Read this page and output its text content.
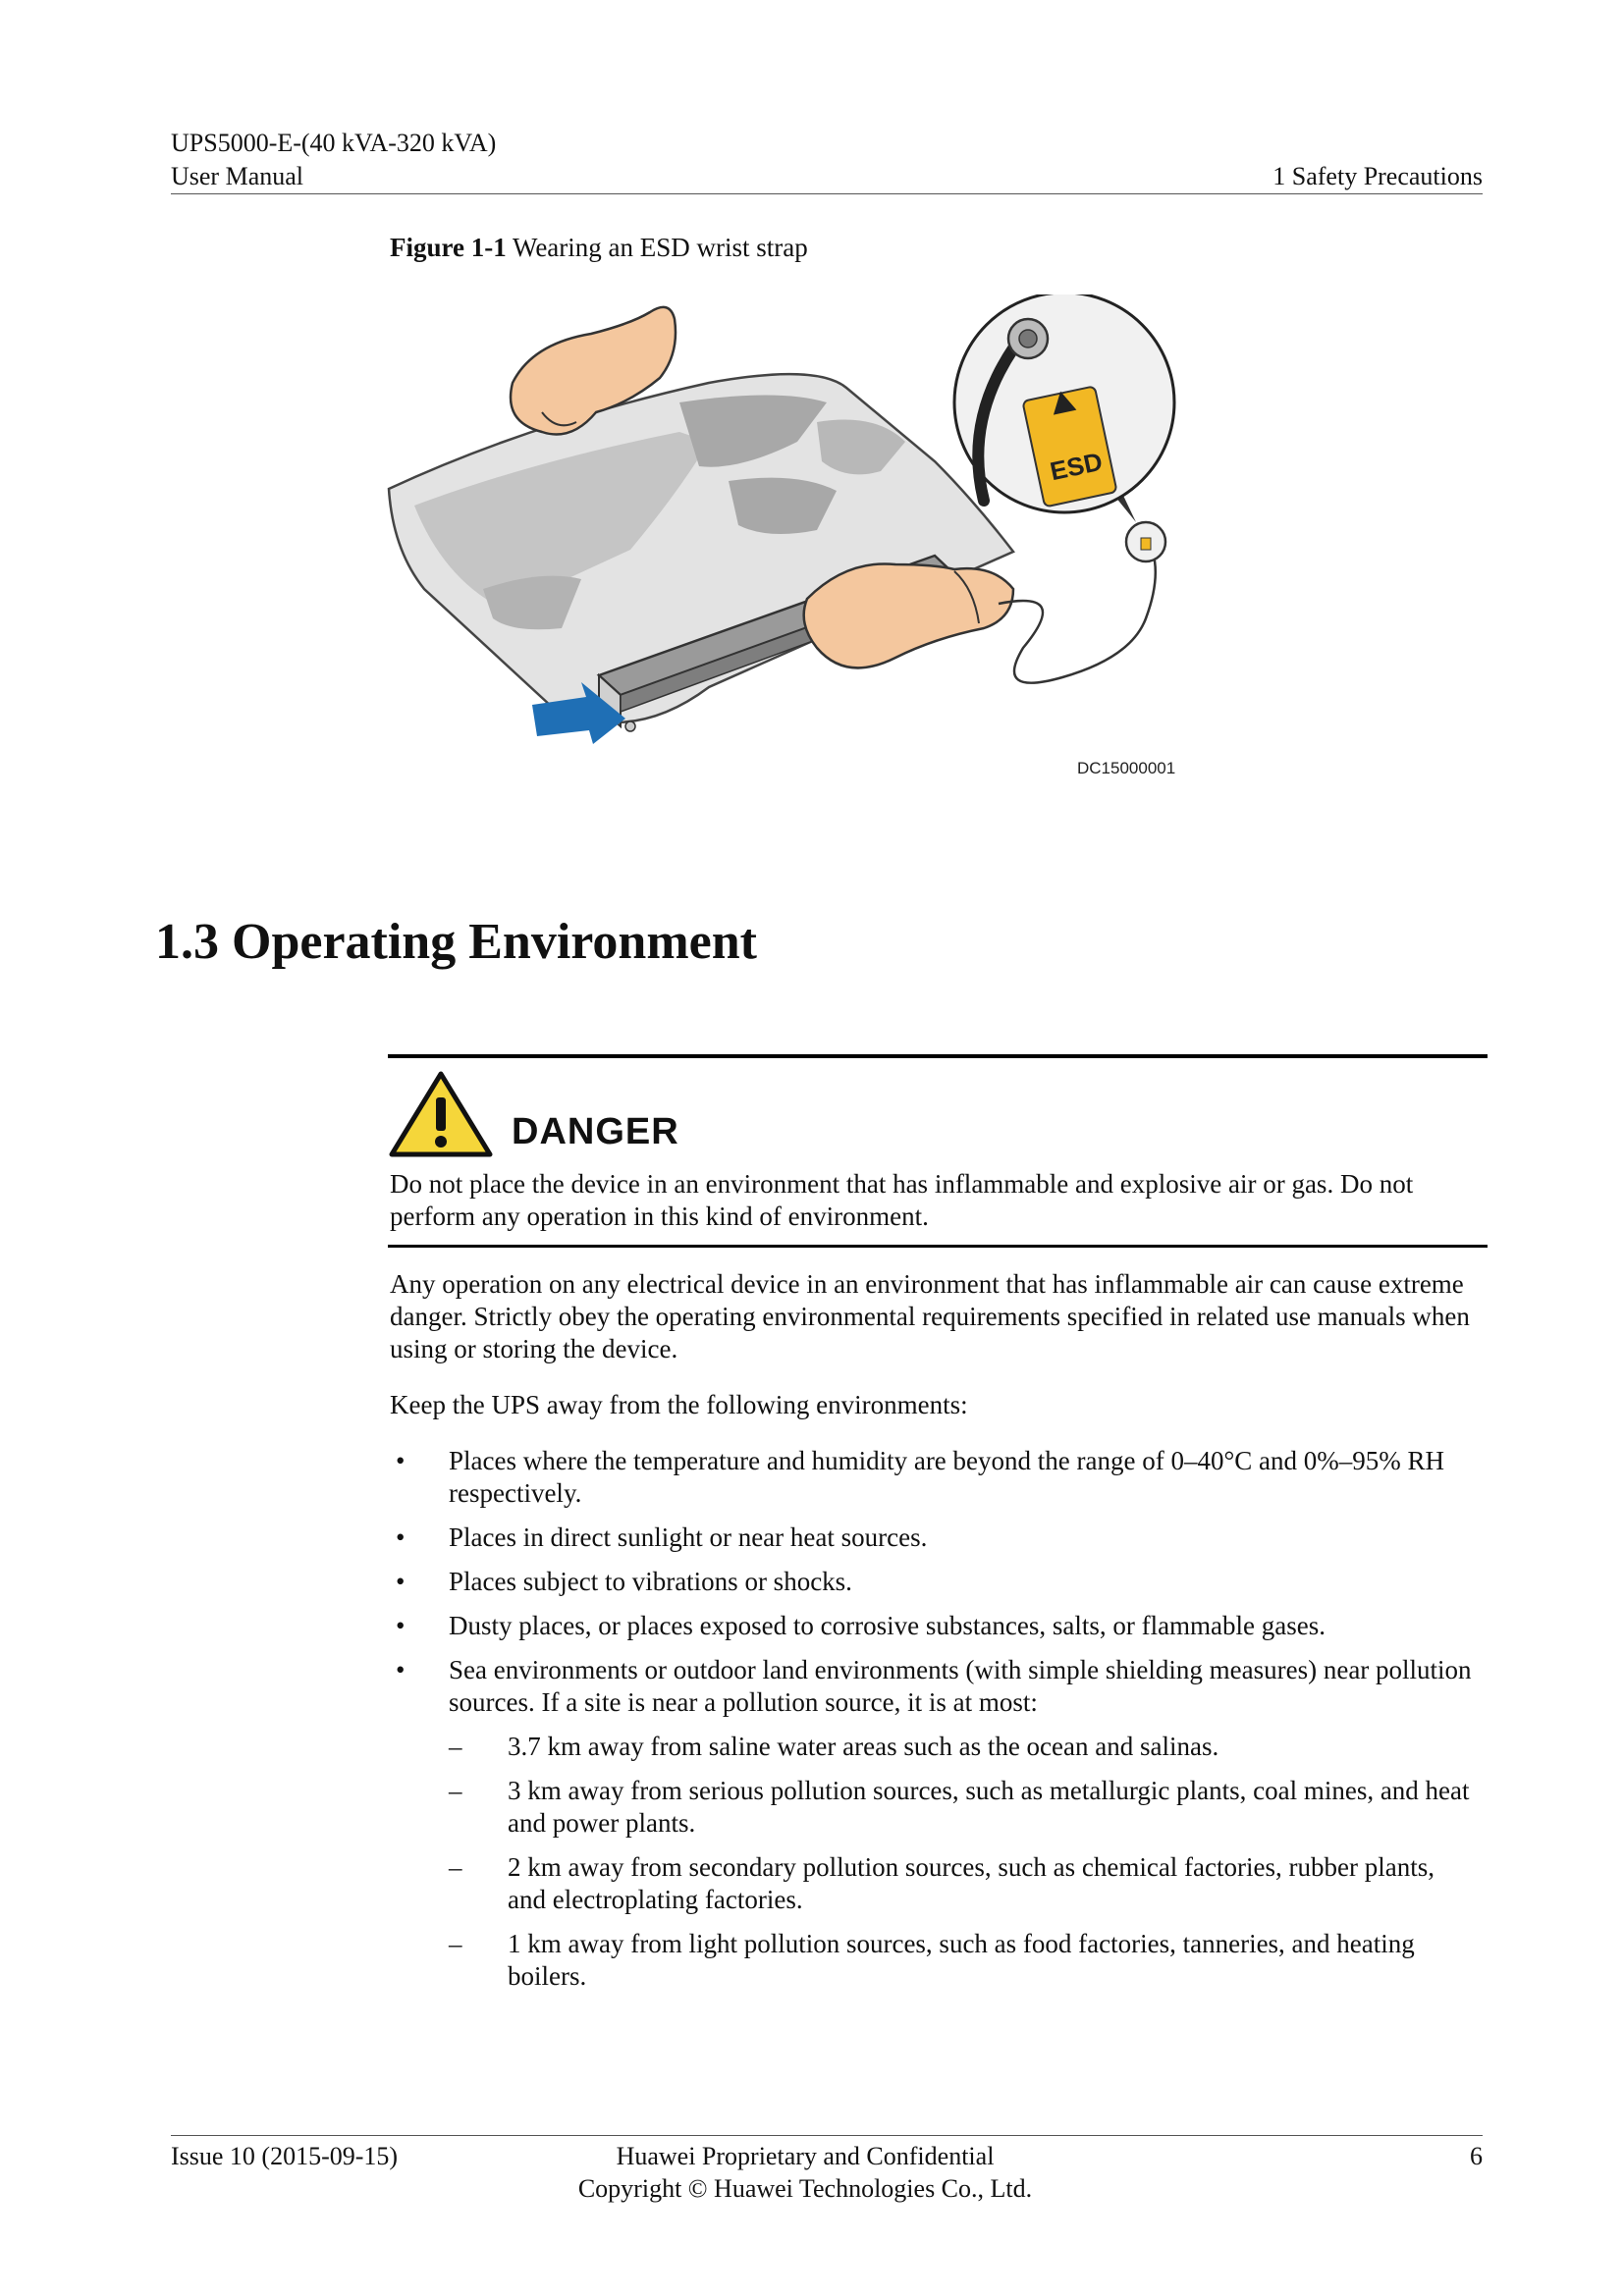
UPS5000-E-(40 kVA-320 kVA)
User Manual	1 Safety Precautions
Figure 1-1 Wearing an ESD wrist strap
ESD
DC15000001
1.3 Operating Environment
DANGER
Do not place the device in an environment that has inflammable and explosive air or gas. Do not perform any operation in this kind of environment.
Any operation on any electrical device in an environment that has inflammable air can cause extreme danger. Strictly obey the operating environmental requirements specified in related use manuals when using or storing the device.
Keep the UPS away from the following environments:
• Places where the temperature and humidity are beyond the range of 0–40°C and 0%–95% RH respectively.
• Places in direct sunlight or near heat sources.
• Places subject to vibrations or shocks.
• Dusty places, or places exposed to corrosive substances, salts, or flammable gases.
• Sea environments or outdoor land environments (with simple shielding measures) near pollution sources. If a site is near a pollution source, it is at most:
– 3.7 km away from saline water areas such as the ocean and salinas.
– 3 km away from serious pollution sources, such as metallurgic plants, coal mines, and heat and power plants.
– 2 km away from secondary pollution sources, such as chemical factories, rubber plants, and electroplating factories.
– 1 km away from light pollution sources, such as food factories, tanneries, and heating boilers.
Issue 10 (2015-09-15)	Huawei Proprietary and Confidential
Copyright © Huawei Technologies Co., Ltd.
6
